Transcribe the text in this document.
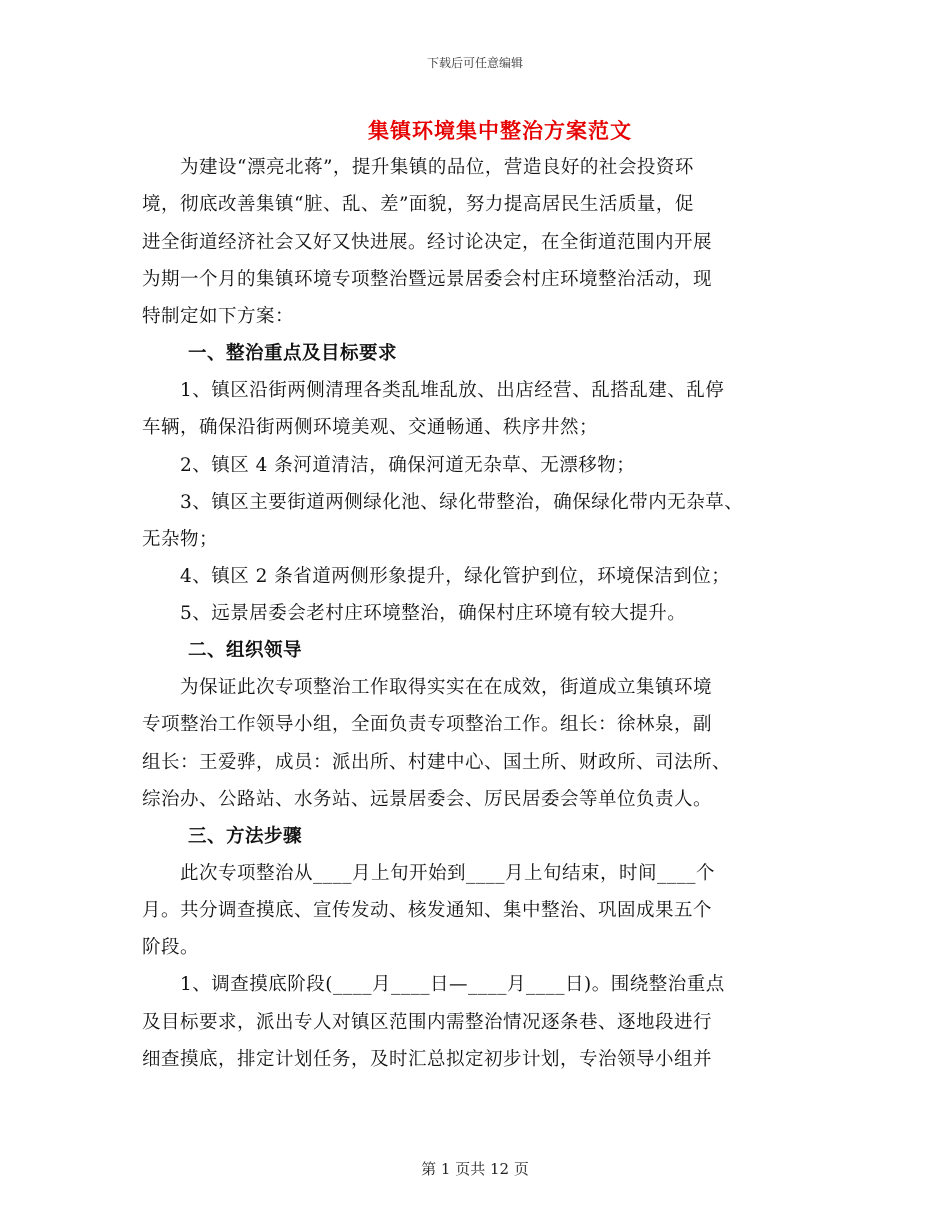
下载后可任意编辑
集镇环境集中整治方案范文
为建设“漂亮北蒋”，提升集镇的品位，营造良好的社会投资环
境，彻底改善集镇“脏、乱、差”面貌，努力提高居民生活质量，促
进全街道经济社会又好又快进展。经讨论决定，在全街道范围内开展
为期一个月的集镇环境专项整治暨远景居委会村庄环境整治活动，现
特制定如下方案：
一、整治重点及目标要求
1、镇区沿街两侧清理各类乱堆乱放、出店经营、乱搭乱建、乱停
车辆，确保沿街两侧环境美观、交通畅通、秩序井然；
2、镇区 4 条河道清洁，确保河道无杂草、无漂移物；
3、镇区主要街道两侧绿化池、绿化带整治，确保绿化带内无杂草、
无杂物；
4、镇区 2 条省道两侧形象提升，绿化管护到位，环境保洁到位；
5、远景居委会老村庄环境整治，确保村庄环境有较大提升。
二、组织领导
为保证此次专项整治工作取得实实在在成效，街道成立集镇环境
专项整治工作领导小组，全面负责专项整治工作。组长：徐林泉，副
组长：王爱骅，成员：派出所、村建中心、国土所、财政所、司法所、
综治办、公路站、水务站、远景居委会、厉民居委会等单位负责人。
三、方法步骤
此次专项整治从____月上旬开始到____月上旬结束，时间____个
月。共分调查摸底、宣传发动、核发通知、集中整治、巩固成果五个
阶段。
1、调查摸底阶段(____月____日—____月____日)。围绕整治重点
及目标要求，派出专人对镇区范围内需整治情况逐条巷、逐地段进行
细查摸底，排定计划任务，及时汇总拟定初步计划，专治领导小组并
第 1 页共 12 页
